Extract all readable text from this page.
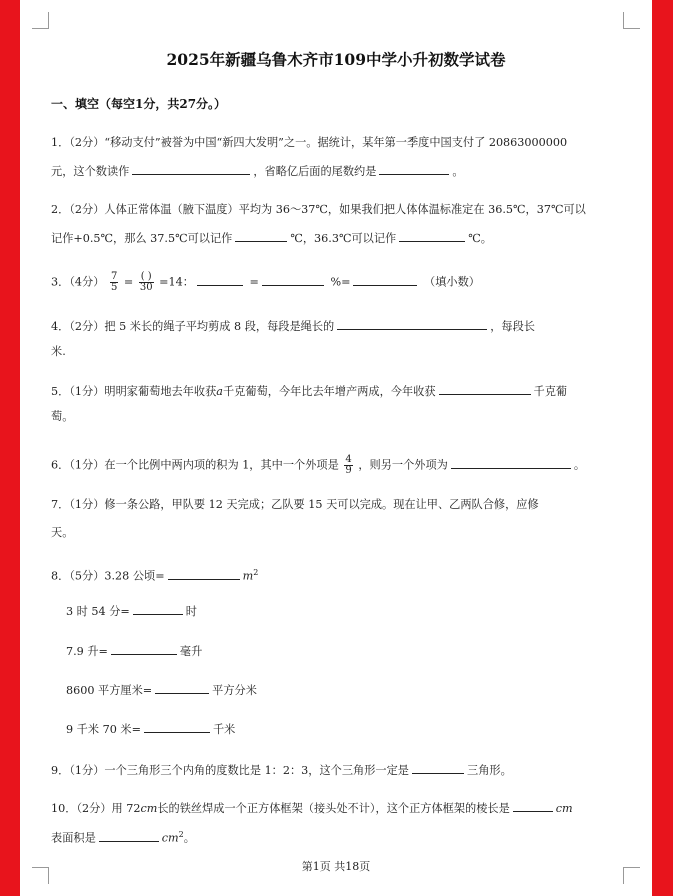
2025年新疆乌鲁木齐市109中学小升初数学试卷
一、填空（每空1分，共27分。）
1．（2分）“移动支付”被誉为中国“新四大发明”之一。据统计，某年第一季度中国支付了 20863000000
元，这个数读作	，省略亿后面的尾数约是	。
2．（2分）人体正常体温（腋下温度）平均为 36～37℃，如果我们把人体体温标准定在 36.5℃，37℃可以
记作+0.5℃，那么 37.5℃可以记作	℃，36.3℃可以记作	℃。
3．（4分） $\frac{7}{5} = \frac{( )}{30} =14$：	=	%=	（填小数）
4．（2分）把 5 米长的绳子平均剪成 8 段，每段是绳长的	，每段长
米.
5．（1分）明明家葡萄地去年收获a千克葡萄，今年比去年增产两成，今年收获	千克葡
萄。
6．（1分）在一个比例中两内项的积为 1，其中一个外项是 $\frac{4}{9}$ ，则另一个外项为	。
7．（1分）修一条公路，甲队要 12 天完成；乙队要 15 天可以完成。现在让甲、乙两队合修，应修
天。
8．（5分）3.28 公顷=	$m^2$
3 时 54 分=	时
7.9 升=	毫升
8600 平方厘米=	平方分米
9 千米 70 米=	千米
9．（1分）一个三角形三个内角的度数比是 1：2：3，这个三角形一定是	三角形。
10．（2分）用 72cm长的铁丝焊成一个正方体框架（接头处不计），这个正方体框架的棱长是	cm
表面积是	$cm^2$。
第1页 共18页
